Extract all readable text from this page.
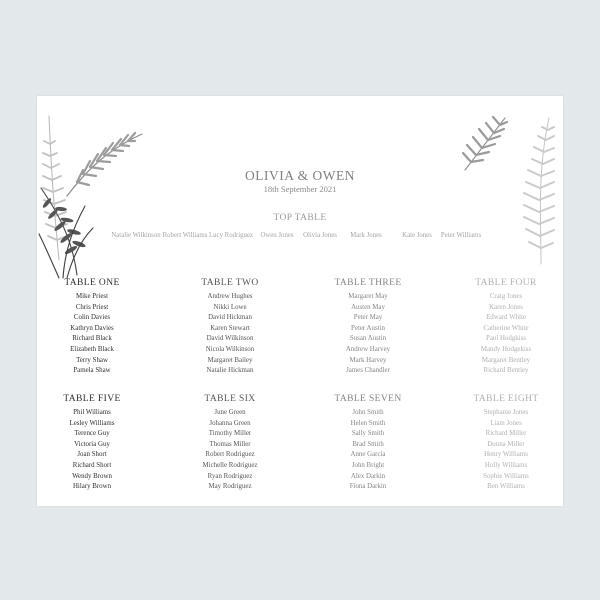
OLIVIA & OWEN
18th September 2021
TOP TABLE
Natalie Wilkinson Robert Williams Lucy Rodriguez	Owen Jones	Olivia Jones	Mark Jones	Kate Jones	Peter Williams
TABLE ONE
Mike Priest
Chris Priest
Colin Davies
Kathryn Davies
Richard Black
Elizabeth Black
Terry Shaw
Pamela Shaw
TABLE TWO
Andrew Hughes
Nikki Lowe
David Hickman
Karen Stewart
David Wilkinson
Nicola Wilkinson
Margaret Bailey
Natalie Hickman
TABLE THREE
Margaret May
Austen May
Peter May
Peter Austin
Susan Austin
Andrew Harvey
Mark Harvey
James Chandler
TABLE FOUR
Craig Jones
Karen Jones
Edward White
Catherine White
Paul Hodgkiss
Mandy Hodgekiss
Margaret Bentley
Richard Bentley
TABLE FIVE
Phil Williams
Lesley Williams
Terence Guy
Victoria Guy
Joan Short
Richard Short
Wendy Brown
Hilary Brown
TABLE SIX
June Green
Johanna Green
Timothy Miller
Thomas Miller
Robert Rodriguez
Michelle Rodriguez
Ryan Rodriguez
May Rodriguez
TABLE SEVEN
John Smith
Helen Smith
Sally Smith
Brad Smith
Anne Garcia
John Bright
Alex Darkin
Fiona Darkin
TABLE EIGHT
Stephanie Jones
Liam Jones
Richard Miller
Donna Miller
Henry Williams
Holly Williams
Sophie Williams
Ben Williams
